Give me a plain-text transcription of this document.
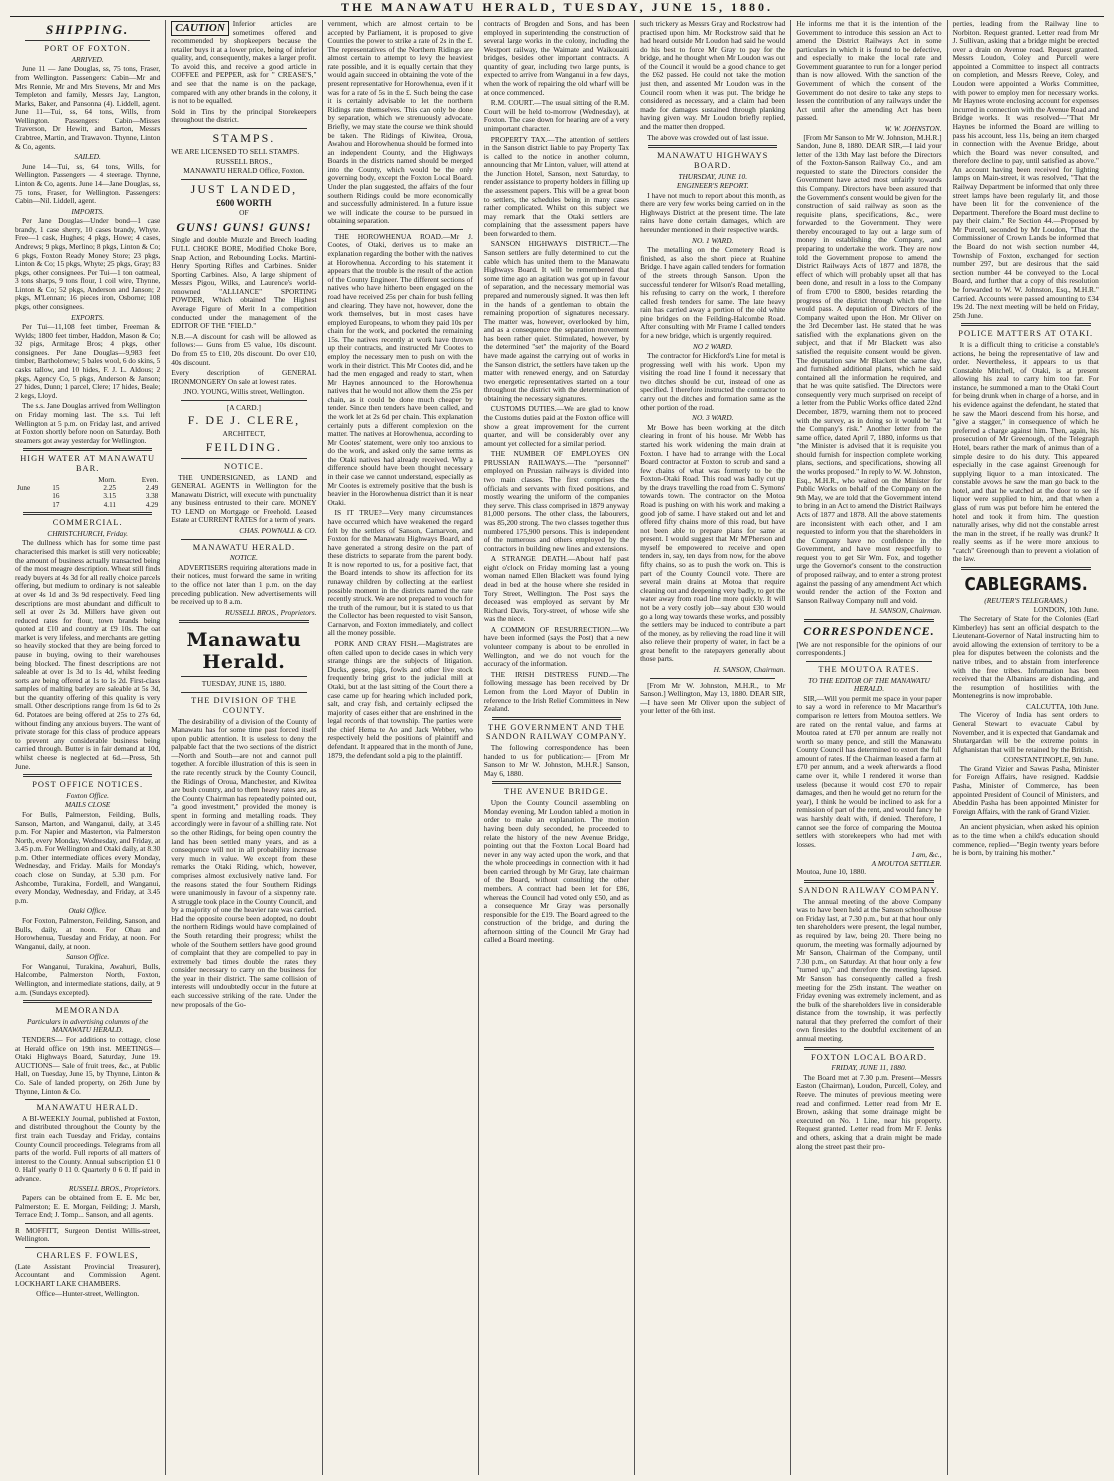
THE MANAWATU HERALD, TUESDAY, JUNE 15, 1880.
SHIPPING.
PORT OF FOXTON.
ARRIVED.

June 11 — Jane Douglas, ss, 75 tons, Fraser, from Wellington. Passengers: Cabin—Mr and Mrs Rennie, Mr and Mrs Stevens, Mr and Mrs Templeton and family, Messrs Jay, Langton, Marks, Baker, and Pansonna (4). Liddell, agent. June 11—Tui, ss, 64 tons, Wills, from Wellington. Passengers: Cabin—Misses Traverson, Dr Hewitt, and Barton, Messrs Crabtree, Martin, and Trawavon. Thynne, Linton & Co, agents.

SAILED.

June 14—Tui, ss, 64 tons, Wills, for Wellington. Passengers — 4 steerage. Thynne, Linton & Co, agents. June 14—Jane Douglas, ss, 75 tons, Fraser, for Wellington. Passengers: Cabin—Nil. Liddell, agent.

IMPORTS.

Per Jane Douglas—Under bond—1 case brandy, 1 case sherry, 10 cases brandy, Whyte. Free—1 cask, Hughes; 4 pkgs, Howe; 4 cases, Andrews; 9 pkgs, Merlino; 8 pkgs, Linton & Co; 6 pkgs, Foxton Ready Money Store; 23 pkgs, Linton & Co; 15 pkgs, Whyte; 25 pkgs, Gray; 83 pkgs, other consignees. Per Tui—1 ton oatmeal, 3 tons sharps, 9 tons flour, 1 coil wire, Thynne, Linton & Co; 52 pkgs, Anderson and Janson; 2 pkgs, M'Lennan; 16 pieces iron, Osborne; 108 pkgs, other consignees.

EXPORTS.

Per Tui—11,108 feet timber, Freeman & Wylds; 1800 feet timber, Haddon, Mason & Co; 32 pigs, Armitage Bros; 4 pkgs, other consignees. Per Jane Douglas—9,983 feet timber, Bartholomew; 5 bales wool, 6 do skins, 5 casks tallow, and 10 hides, F. J. L. Aldous; 2 pkgs, Agency Co, 5 pkgs, Anderson & Janson; 27 hides, Dunn; 1 parcel, Clere; 17 hides, Beale; 2 kegs, Lloyd.

The s.s. Jane Douglas arrived from Wellington on Friday morning last. The s.s. Tui left Wellington at 5 p.m. on Friday last, and arrived at Foxton shortly before noon on Saturday. Both steamers got away yesterday for Wellington.

HIGH WATER AT MANAWATU BAR.
		Morn.	Even.
June	15	2.25	2.49
	16	3.15	3.38
	17	4.11	4.29
COMMERCIAL.
CHRISTCHURCH, Friday.

The dullness which has for some time past characterised this market is still very noticeable; the amount of business actually transacted being of the most meagre description. Wheat still finds ready buyers at 4s 3d for all really choice parcels offering, but medium to ordinary is not saleable at over 4s 1d and 3s 9d respectively. Feed ling descriptions are most abundant and difficult to sell at over 2s 3d. Millers have given out reduced rates for flour, town brands being quoted at £10 and country at £9 10s. The oat market is very lifeless, and merchants are getting so heavily stocked that they are being forced to pause in buying, owing to their warehouses being blocked. The finest descriptions are not saleable at over 1s 3d to 1s 4d, whilst feeding sorts are being offered at 1s to 1s 2d. First-class samples of malting barley are saleable at 5s 3d, but the quantity offering of this quality is very small. Other descriptions range from 1s 6d to 2s 6d. Potatoes are being offered at 25s to 27s 6d, without finding any anxious buyers. The want of private storage for this class of produce appears to prevent any considerable business being carried through. Butter is in fair demand at 10d, whilst cheese is neglected at 6d.—Press, 5th June.

POST OFFICE NOTICES.
Foxton Office.
MAILS CLOSE

For Bulls, Palmerston, Feilding, Bulls, Sanson, Marton, and Wanganui, daily, at 3.45 p.m. For Napier and Masterton, via Palmerston North, every Monday, Wednesday, and Friday, at 3.45 p.m. For Wellington and Otaki daily, at 8.30 p.m. Other intermediate offices every Monday, Wednesday, and Friday. Mails for Monday's coach close on Sunday, at 5.30 p.m. For Ashcombe, Turakina, Fordell, and Wanganui, every Monday, Wednesday, and Friday, at 3.45 p.m.

Otaki Office.

For Foxton, Palmerston, Feilding, Sanson, and Bulls, daily, at noon. For Ohau and Horowhenua, Tuesday and Friday, at noon. For Wanganui, daily, at noon.

Sanson Office.

For Wanganui, Turakina, Awahuri, Bulls, Halcombe, Palmerston North, Foxton, Wellington, and intermediate stations, daily, at 9 a.m. (Sundays excepted).

MEMORANDA
Particulars in advertising columns of the MANAWATU HERALD.

TENDERS— For additions to cottage, close at Herald office on 19th inst. MEETINGS— Otaki Highways Board, Saturday, June 19. AUCTIONS— Sale of fruit trees, &c., at Public Hall, on Tuesday, June 15, by Thynne, Linton & Co. Sale of landed property, on 26th June by Thynne, Linton & Co.

MANAWATU HERALD.

A BI-WEEKLY Journal, published at Foxton, and distributed throughout the County by the first train each Tuesday and Friday, contains County Council proceedings. Telegrams from all parts of the world. Full reports of all matters of interest to the County. Annual subscription £1 0 0. Half yearly 0 11 0. Quarterly 0 6 0. If paid in advance.

RUSSELL BROS., Proprietors.

Papers can be obtained from E. E. Mc ber, Palmerston; E. E. Morgan, Feilding; J. Marsh, Terrace End; J. Tomp... Sanson, and all agents.

R MOFFITT, Surgeon Dentist Willis-street, Wellington.

CHARLES F. FOWLES,

(Late Assistant Provincial Treasurer), Accountant and Commission Agent. LOCKHART LAKE CHAMBERS.

Office—Hunter-street, Wellington.

CAUTION	Inferior articles are sometimes offered and recommended by shopkeepers because the retailer buys it at a lower price, being of inferior quality, and, consequently, makes a larger profit. To avoid this, and receive a good article in COFFEE and PEPPER, ask for " CREASE'S," and see that the name is on the package, compared with any other brands in the colony, it is not to be equalled.

Sold in Tins by the principal Storekeepers throughout the district.

STAMPS.

WE ARE LICENSED TO SELL STAMPS.

RUSSELL BROS.,
MANAWATU HERALD Office, Foxton.
JUST LANDED,
£600 WORTH
OF
GUNS! GUNS! GUNS!

Single and double Muzzle and Breech loading FULL CHOKE BORE, Modified Choke Bore, Snap Action, and Rebounding Locks. Martini-Henry Sporting Rifles and Carbines. Snider Sporting Carbines. Also, A large shipment of Messrs Pigou, Wilks, and Laurence's world-renowned "ALLIANCE" SPORTING POWDER, Which obtained The Highest Average Figure of Merit In a competition conducted under the management of the EDITOR OF THE "FIELD."

N.B.—A discount for cash will be allowed as follows:— Guns from £5 value, 10s discount. Do from £5 to £10, 20s discount. Do over £10, 40s discount.

Every description of GENERAL IRONMONGERY On sale at lowest rates.

JNO. YOUNG, Willis street, Wellington.
[A CARD.]
F. DE J. CLERE,
ARCHITECT,
FEILDING.
NOTICE.

THE UNDERSIGNED, as LAND and GENERAL AGENTS in Wellington for the Manawatu District, will execute with punctuality any business entrusted to their care. MONEY TO LEND on Mortgage or Freehold. Leased Estate at CURRENT RATES for a term of years.

CHAS. POWNALL & CO.
MANAWATU HERALD.
NOTICE.

ADVERTISERS requiring alterations made in their notices, must forward the same in writing to the office not later than 1 p.m. on the day preceding publication. New advertisements will be received up to 8 a.m.

RUSSELL BROS., Proprietors.
Manawatu Herald.
TUESDAY, JUNE 15, 1880.
THE DIVISION OF THE COUNTY.

The desirability of a division of the County of Manawatu has for some time past forced itself upon public attention. It is useless to deny the palpable fact that the two sections of the district—North and South—are not and cannot pull together. A forcible illustration of this is seen in the rate recently struck by the County Council, the Ridings of Oroua, Manchester, and Kiwitea are bush country, and to them heavy rates are, as the County Chairman has repeatedly pointed out, "a good investment," provided the money is spent in forming and metalling roads. They accordingly were in favour of a shilling rate. Not so the other Ridings, for being open country the land has been settled many years, and as a consequence will not in all probability increase very much in value. We except from these remarks the Otaki Riding, which, however, comprises almost exclusively native land. For the reasons stated the four Southern Ridings were unanimously in favour of a sixpenny rate. A struggle took place in the County Council, and by a majority of one the heavier rate was carried. Had the opposite course been adopted, no doubt the northern Ridings would have complained of the South retarding their progress; whilst the whole of the Southern settlers have good ground of complaint that they are compelled to pay in extremely bad times double the rates they consider necessary to carry on the business for the year in their district. The same collision of interests will undoubtedly occur in the future at each successive striking of the rate. Under the new proposals of the Go-

vernment, which are almost certain to be accepted by Parliament, it is proposed to give Counties the power to strike a rate of 2s in the £. The representatives of the Northern Ridings are almost certain to attempt to levy the heaviest rate possible, and it is equally certain that they would again succeed in obtaining the vote of the present representative for Horowhenua, even if it was for a rate of 5s in the £. Such being the case it is certainly advisable to let the northern Ridings rate themselves. This can only be done by separation, which we strenuously advocate. Briefly, we may state the course we think should be taken. The Ridings of Kiwitea, Oroua, Awahou and Horowhenua should be formed into an independent County, and the Highways Boards in the districts named should be merged into the County, which would be the only governing body, except the Foxton Local Board. Under the plan suggested, the affairs of the four southern Ridings could be more economically and successfully administered. In a future issue we will indicate the course to be pursued in obtaining separation.

THE HOROWHENUA ROAD.—Mr J. Cootes, of Otaki, derives us to make an explanation regarding the bother with the natives at Horowhenua. According to his statement it appears that the trouble is the result of the action of the County Engineer. The different sections of natives who have hitherto been engaged on the road have received 25s per chain for bush felling and clearing. They have not, however, done the work themselves, but in most cases have employed Europeans, to whom they paid 10s per chain for the work, and pocketed the remaining 15s. The natives recently at work have thrown up their contracts, and instructed Mr Cootes to employ the necessary men to push on with the work in their district. This Mr Cootes did, and he had the men engaged and ready to start, when Mr Haynes announced to the Horowhenua natives that he would not allow them the 25s per chain, as it could be done much cheaper by tender. Since then tenders have been called, and the work let at 2s 6d per chain. This explanation certainly puts a different complexion on the matter. The natives at Horowhenua, according to Mr Cootes' statement, were only too anxious to do the work, and asked only the same terms as the Otaki natives had already received. Why a difference should have been thought necessary in their case we cannot understand, especially as Mr Cootes is extremely positive that the bush is heavier in the Horowhenua district than it is near Otaki.

IS IT TRUE?—Very many circumstances have occurred which have weakened the regard felt by the settlers of Sanson, Carnarvon, and Foxton for the Manawatu Highways Board, and have generated a strong desire on the part of these districts to separate from the parent body. It is now reported to us, for a positive fact, that the Board intends to show its affection for its runaway children by collecting at the earliest possible moment in the districts named the rate recently struck. We are not prepared to vouch for the truth of the rumour, but it is stated to us that the Collector has been requested to visit Sanson, Carnarvon, and Foxton immediately, and collect all the money possible.

PORK AND CRAY FISH.—Magistrates are often called upon to decide cases in which very strange things are the subjects of litigation. Ducks, geese, pigs, fowls and other live stock frequently bring grist to the judicial mill at Otaki, but at the last sitting of the Court there a case came up for hearing which included pork, salt, and cray fish, and certainly eclipsed the majority of cases either that are enshrined in the legal records of that township. The parties were the chief Hema te Ao and Jack Webber, who respectively held the positions of plaintiff and defendant. It appeared that in the month of June, 1879, the defendant sold a pig to the plaintiff.

contracts of Brogden and Sons, and has been employed in superintending the construction of several large works in the colony, including the Westport railway, the Waimate and Waikouaiti bridges, besides other important contracts. A quantity of gear, including two large punts, is expected to arrive from Wanganui in a few days, when the work of repairing the old wharf will be at once commenced.

R.M. COURT.—The usual sitting of the R.M. Court will be held to-morrow (Wednesday), at Foxton. The case down for hearing are of a very unimportant character.

PROPERTY TAX.—The attention of settlers in the Sanson district liable to pay Property Tax is called to the notice in another column, announcing that Mr Linton, valuer, will attend at the Junction Hotel, Sanson, next Saturday, to render assistance to property holders in filling up the assessment papers. This will be a great boon to settlers, the schedules being in many cases rather complicated. Whilst on this subject we may remark that the Otaki settlers are complaining that the assessment papers have been forwarded to them.

SANSON HIGHWAYS DISTRICT.—The Sanson settlers are fully determined to cut the cable which has united them to the Manawatu Highways Board. It will be remembered that some time ago an agitation was got up in favour of separation, and the necessary memorial was prepared and numerously signed. It was then left in the hands of a gentleman to obtain the remaining proportion of signatures necessary. The matter was, however, overlooked by him, and as a consequence the separation movement has been rather quiet. Stimulated, however, by the determined "set" the majority of the Board have made against the carrying out of works in the Sanson district, the settlers have taken up the matter with renewed energy, and on Saturday two energetic representatives started on a tour throughout the district with the determination of obtaining the necessary signatures.

CUSTOMS DUTIES.—We are glad to know the Customs duties paid at the Foxton office will show a great improvement for the current quarter, and will be considerably over any amount yet collected for a similar period.

THE NUMBER OF EMPLOYES ON PRUSSIAN RAILWAYS.—The "personnel" employed on Prussian railways is divided into two main classes. The first comprises the officials and servants with fixed positions, and mostly wearing the uniform of the companies they serve. This class comprised in 1879 anyway 81,000 persons. The other class, the labourers, was 85,200 strong. The two classes together thus numbered 175,900 persons. This is independent of the numerous and others employed by the contractors in building new lines and extensions.

A STRANGE DEATH.—About half past eight o'clock on Friday morning last a young woman named Ellen Blackett was found lying dead in bed at the house where she resided in Tory Street, Wellington. The Post says the deceased was employed as servant by Mr Richard Davis, Tory-street, of whose wife she was the niece.

A COMMON OF RESURRECTION.—We have been informed (says the Post) that a new volunteer company is about to be enrolled in Wellington, and we do not vouch for the accuracy of the information.

THE IRISH DISTRESS FUND.—The following message has been received by Dr Lemon from the Lord Mayor of Dublin in reference to the Irish Relief Committees in New Zealand.

THE GOVERNMENT AND THE SANDON RAILWAY COMPANY.

The following correspondence has been handed to us for publication:— [From Mr Sanson to Mr W. Johnston, M.H.R.] Sanson, May 6, 1880.

THE AVENUE BRIDGE.

Upon the County Council assembling on Monday evening, Mr Loudon tabled a motion in order to make an explanation. The motion having been duly seconded, he proceeded to relate the history of the new Avenue Bridge, pointing out that the Foxton Local Board had never in any way acted upon the work, and that the whole proceedings in connection with it had been carried through by Mr Gray, late chairman of the Board, without consulting the other members. A contract had been let for £86, whereas the Council had voted only £50, and as a consequence Mr Gray was personally responsible for the £19. The Board agreed to the construction of the bridge, and during the afternoon sitting of the Council Mr Gray had called a Board meeting.

such trickery as Messrs Gray and Rockstrow had practised upon him. Mr Rockstrow said that he had heard outside Mr Loudon had said he would do his best to force Mr Gray to pay for the bridge, and he thought when Mr Loudon was out of the Council it would be a good chance to get the £62 passed. He could not take the motion just then, and assented Mr Loudon was in the Council room when it was put. The bridge he considered as necessary, and a claim had been made for damages sustained through planking having given way. Mr Loudon briefly replied, and the matter then dropped.

The above was crowded out of last issue.

MANAWATU HIGHWAYS BOARD.
THURSDAY, JUNE 10.
ENGINEER'S REPORT.

I have not much to report about this month, as there are very few works being carried on in the Highways District at the present time. The late rains have done certain damages, which are hereunder mentioned in their respective wards.

NO. 1 WARD.

The metalling on the Cemetery Road is finished, as also the short piece at Ruahine Bridge. I have again called tenders for formation of the streets through Sanson. Upon the successful tenderer for Wilson's Road metalling, his refusing to carry on the work, I therefore called fresh tenders for same. The late heavy rain has carried away a portion of the old white pine bridges on the Feilding-Halcombe Road. After consulting with Mr Frame I called tenders for a new bridge, which is urgently required.

NO 2 WARD.

The contractor for Hickford's Line for metal is progressing well with his work. Upon my visiting the road line I found it necessary that two ditches should be cut, instead of one as specified. I therefore instructed the contractor to carry out the ditches and formation same as the other portion of the road.

NO. 3 WARD.

Mr Bowe has been working at the ditch clearing in front of his house. Mr Webb has started his work widening the main drain at Foxton. I have had to arrange with the Local Board contractor at Foxton to scrub and sand a few chains of what was formerly to be the Foxton-Otaki Road. This road was badly cut up by the drays travelling the road from C. Symons' towards town. The contractor on the Motoa Road is pushing on with his work and making a good job of same. I have staked out and let and offered fifty chains more of this road, but have not been able to prepare plans for same at present. I would suggest that Mr M'Pherson and myself be empowered to receive and open tenders in, say, ten days from now, for the above fifty chains, so as to push the work on. This is part of the County Council vote. There are several main drains at Motoa that require cleaning out and deepening very badly, to get the water away from road line more quickly. It will not be a very costly job—say about £30 would go a long way towards these works, and possibly the settlers may be induced to contribute a part of the money, as by relieving the road line it will also relieve their property of water, in fact be a great benefit to the ratepayers generally about those parts.

H. SANSON, Chairman.

[From Mr W. Johnston, M.H.R., to Mr Sanson.] Wellington, May 13, 1880. DEAR SIR,—I have seen Mr Oliver upon the subject of your letter of the 6th inst.

He informs me that it is the intention of the Government to introduce this session an Act to amend the District Railways Act in some particulars in which it is found to be defective, and especially to make the local rate and Government guarantee to run for a longer period than is now allowed. With the sanction of the Government of which the consent of the Government do not desire to take any steps to lessen the contribution of any railways under the Act until after the amending Act has been passed.

W. W. JOHNSTON.

[From Mr Sanson to Mr W. Johnston, M.H.R.] Sandon, June 8, 1880. DEAR SIR,—I laid your letter of the 13th May last before the Directors of the Foxton-Sanson Railway Co., and am requested to state the Directors consider the Government have acted most unfairly towards this Company. Directors have been assured that the Government's consent would be given for the construction of said railway as soon as the requisite plans, specifications, &c., were forwarded to the Government. They were thereby encouraged to lay out a large sum of money in establishing the Company, and preparing to undertake the work. They are now told the Government propose to amend the District Railways Acts of 1877 and 1878, the effect of which will probably upset all that has been done, and result in a loss to the Company of from £700 to £800, besides retarding the progress of the district through which the line would pass. A deputation of Directors of the Company waited upon the Hon. Mr Oliver on the 3rd December last. He stated that he was satisfied with the explanations given on the subject, and that if Mr Blackett was also satisfied the requisite consent would be given. The deputation saw Mr Blackett the same day, and furnished additional plans, which he said contained all the information he required, and that he was quite satisfied. The Directors were consequently very much surprised on receipt of a letter from the Public Works office dated 22nd December, 1879, warning them not to proceed with the survey, as in doing so it would be "at the Company's risk." Another letter from the same office, dated April 7, 1880, informs us that "the Minister is advised that it is requisite you should furnish for inspection complete working plans, sections, and specifications, showing all the works proposed." In reply to W. W. Johnston, Esq., M.H.R., who waited on the Minister for Public Works on behalf of the Company on the 9th May, we are told that the Government intend to bring in an Act to amend the District Railways Acts of 1877 and 1878. All the above statements are inconsistent with each other, and I am requested to inform you that the shareholders in the Company have no confidence in the Government, and have most respectfully to request you to get Sir Wm. Fox, and together urge the Governor's consent to the construction of proposed railway, and to enter a strong protest against the passing of any amendment Act which would render the action of the Foxton and Sanson Railway Company null and void.

H. SANSON, Chairman.
CORRESPONDENCE.

[We are not responsible for the opinions of our correspondents.]

THE MOUTOA RATES.
TO THE EDITOR OF THE MANAWATU HERALD.

SIR,—Will you permit me space in your paper to say a word in reference to Mr Macarthur's comparison re letters from Moutoa settlers. We are rated on the rental value, and farms at Moutoa rated at £70 per annum are really not worth so many pence, and still the Manawatu County Council has determined to extort the full amount of rates. If the Chairman leased a farm at £70 per annum, and a week afterwards a flood came over it, while I rendered it worse than useless (because it would cost £70 to repair damages, and then he would get no return for the year), I think he would be inclined to ask for a remission of part of the rent, and would fancy he was harshly dealt with, if denied. Therefore, I cannot see the force of comparing the Moutoa settlers with storekeepers who had met with losses.

I am, &c.,
A MOUTOA SETTLER.
Moutoa, June 10, 1880.
SANDON RAILWAY COMPANY.

The annual meeting of the above Company was to have been held at the Sanson schoolhouse on Friday last, at 7.30 p.m., but at that hour only ten shareholders were present, the legal number, as required by law, being 20. There being no quorum, the meeting was formally adjourned by Mr Sanson, Chairman of the Company, until 7.30 p.m., on Saturday. At that hour only a few "turned up," and therefore the meeting lapsed. Mr Sanson has consequently called a fresh meeting for the 25th instant. The weather on Friday evening was extremely inclement, and as the bulk of the shareholders live in considerable distance from the township, it was perfectly natural that they preferred the comfort of their own firesides to the doubtful excitement of an annual meeting.

FOXTON LOCAL BOARD.
FRIDAY, JUNE 11, 1880.

The Board met at 7.30 p.m. Present—Messrs Easton (Chairman), Loudon, Purcell, Coley, and Reeve. The minutes of previous meeting were read and confirmed. Letter read from Mr E. Brown, asking that some drainage might be executed on No. 1 Line, near his property. Request granted. Letter read from Mr F. Jenks and others, asking that a drain might be made along the street past their pro-

perties, leading from the Railway line to Norbiton. Request granted. Letter read from Mr J. Sullivan, asking that a bridge might be erected over a drain on Avenue road. Request granted. Messrs Loudon, Coley and Purcell were appointed a Committee to inspect all contracts on completion, and Messrs Reeve, Coley, and Loudon were appointed a Works Committee, with power to employ men for necessary works. Mr Haynes wrote enclosing account for expenses incurred in connection with the Avenue Road and Bridge works. It was resolved—"That Mr Haynes be informed the Board are willing to pass his account, less 11s, being an item charged in connection with the Avenue Bridge, about which the Board was never consulted, and therefore decline to pay, until satisfied as above." An account having been received for lighting lamps on Main-street, it was resolved, "That the Railway Department be informed that only three street lamps have been regularly lit, and those have been lit for the convenience of the Department. Therefore the Board must decline to pay their claim." Re Section 44.—Proposed by Mr Purcell, seconded by Mr Loudon, "That the Commissioner of Crown Lands be informed that the Board do not wish section number 44, Township of Foxton, exchanged for section number 297, but are desirous that the said section number 44 be conveyed to the Local Board, and further that a copy of this resolution be forwarded to W. W. Johnston, Esq., M.H.R." Carried. Accounts were passed amounting to £34 19s 2d. The next meeting will be held on Friday, 25th June.

POLICE MATTERS AT OTAKI.

It is a difficult thing to criticise a constable's actions, he being the representative of law and order. Nevertheless, it appears to us that Constable Mitchell, of Otaki, is at present allowing his zeal to carry him too far. For instance, he summoned a man to the Otaki Court for being drunk when in charge of a horse, and in his evidence against the defendant, he stated that he saw the Maori descend from his horse, and "give a stagger," in consequence of which he preferred a charge against him. Then, again, his prosecution of Mr Greenough, of the Telegraph Hotel, bears rather the mark of animus than of a simple desire to do his duty. This appeared especially in the case against Greenough for supplying liquor to a man intoxicated. The constable avows he saw the man go back to the hotel, and that he watched at the door to see if liquor were supplied to him, and that when a glass of rum was put before him he entered the hotel and took it from him. The question naturally arises, why did not the constable arrest the man in the street, if he really was drunk? It really seems as if he were more anxious to "catch" Greenough than to prevent a violation of the law.

CABLEGRAMS.
(REUTER'S TELEGRAMS.)
LONDON, 10th June.

The Secretary of State for the Colonies (Earl Kimberley) has sent an official despatch to the Lieutenant-Governor of Natal instructing him to avoid allowing the extension of territory to be a plea for disputes between the colonists and the native tribes, and to abstain from interference with the free tribes. Information has been received that the Albanians are disbanding, and the resumption of hostilities with the Montenegrins is now improbable.

CALCUTTA, 10th June.

The Viceroy of India has sent orders to General Stewart to evacuate Cabul by November, and it is expected that Gandamak and Shutargardan will be the extreme points in Afghanistan that will be retained by the British.

CONSTANTINOPLE, 9th June.

The Grand Vizier and Sawas Pasha, Minister for Foreign Affairs, have resigned. Kaddsie Pasha, Minister of Commerce, has been appointed President of Council of Ministers, and Abeddin Pasha has been appointed Minister for Foreign Affairs, with the rank of Grand Vizier.

An ancient physician, when asked his opinion as to the time when a child's education should commence, replied—"Begin twenty years before he is born, by training his mother."
